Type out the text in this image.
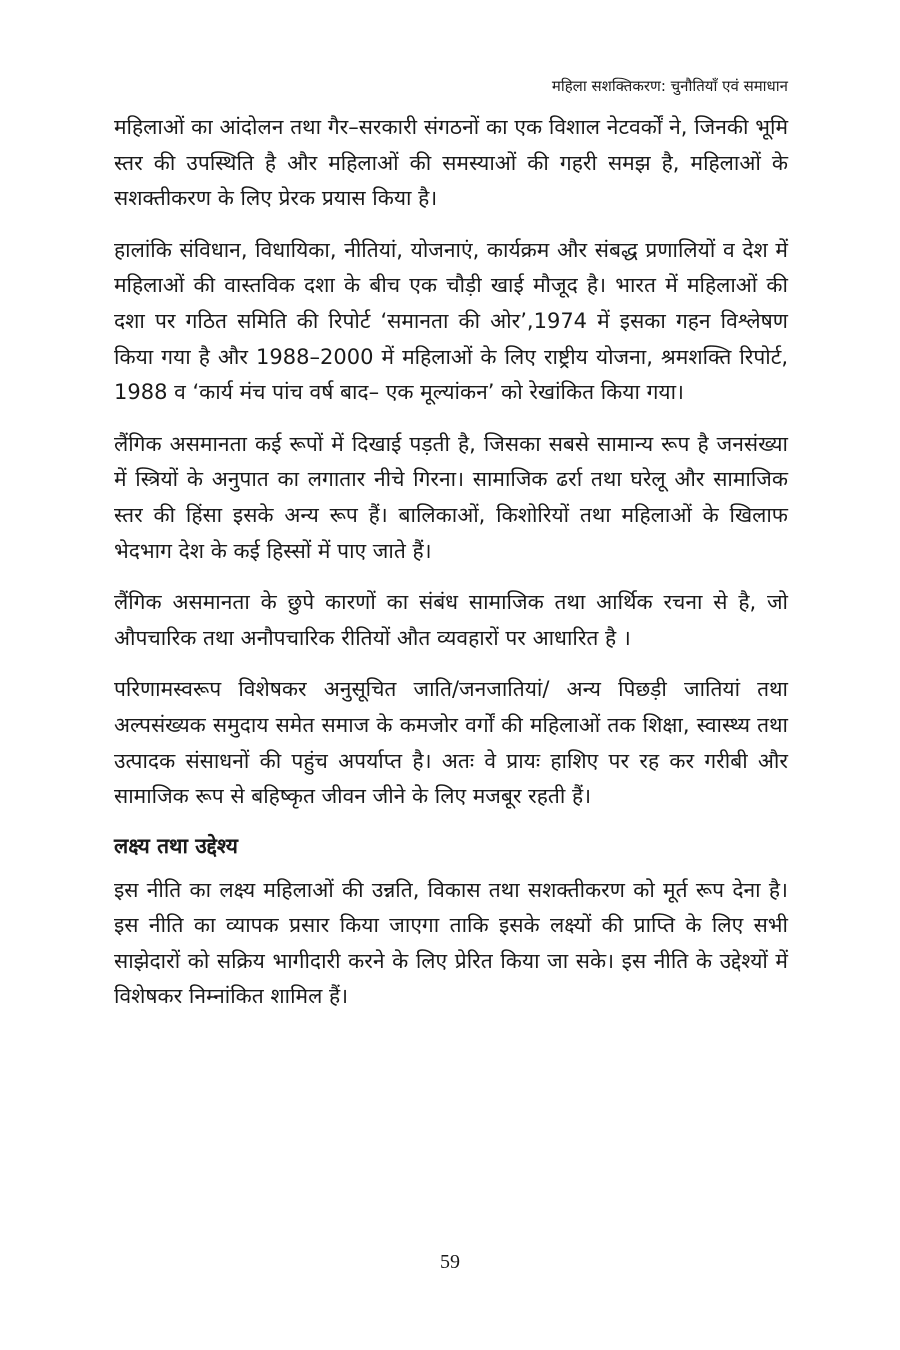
महिला सशक्तिकरण: चुनौतियाँ एवं समाधान

महिलाओं का आंदोलन तथा गैर–सरकारी संगठनों का एक विशाल नेटवर्कों ने, जिनकी भूमि स्तर की उपस्थिति है और महिलाओं की समस्याओं की गहरी समझ है, महिलाओं के सशक्तीकरण के लिए प्रेरक प्रयास किया है।

हालांकि संविधान, विधायिका, नीतियां, योजनाएं, कार्यक्रम और संबद्ध प्रणालियों व देश में महिलाओं की वास्तविक दशा के बीच एक चौड़ी खाई मौजूद है। भारत में महिलाओं की दशा पर गठित समिति की रिपोर्ट ‘समानता की ओर’,1974 में इसका गहन विश्लेषण किया गया है और 1988–2000 में महिलाओं के लिए राष्ट्रीय योजना, श्रमशक्ति रिपोर्ट, 1988 व ‘कार्य मंच पांच वर्ष बाद– एक मूल्यांकन’ को रेखांकित किया गया।

लैंगिक असमानता कई रूपों में दिखाई पड़ती है, जिसका सबसे सामान्य रूप है जनसंख्या में स्त्रियों के अनुपात का लगातार नीचे गिरना। सामाजिक ढर्रा तथा घरेलू और सामाजिक स्तर की हिंसा इसके अन्य रूप हैं। बालिकाओं, किशोरियों तथा महिलाओं के खिलाफ भेदभाग देश के कई हिस्सों में पाए जाते हैं।

लैंगिक असमानता के छुपे कारणों का संबंध सामाजिक तथा आर्थिक रचना से है, जो औपचारिक तथा अनौपचारिक रीतियों औत व्यवहारों पर आधारित है ।

परिणामस्वरूप विशेषकर अनुसूचित जाति/जनजातियां/ अन्य पिछड़ी जातियां तथा अल्पसंख्यक समुदाय समेत समाज के कमजोर वर्गों की महिलाओं तक शिक्षा, स्वास्थ्य तथा उत्पादक संसाधनों की पहुंच अपर्याप्त है। अतः वे प्रायः हाशिए पर रह कर गरीबी और सामाजिक रूप से बहिष्कृत जीवन जीने के लिए मजबूर रहती हैं।

लक्ष्य तथा उद्देश्य

इस नीति का लक्ष्य महिलाओं की उन्नति, विकास तथा सशक्तीकरण को मूर्त रूप देना है। इस नीति का व्यापक प्रसार किया जाएगा ताकि इसके लक्ष्यों की प्राप्ति के लिए सभी साझेदारों को सक्रिय भागीदारी करने के लिए प्रेरित किया जा सके। इस नीति के उद्देश्यों में विशेषकर निम्नांकित शामिल हैं।

59
